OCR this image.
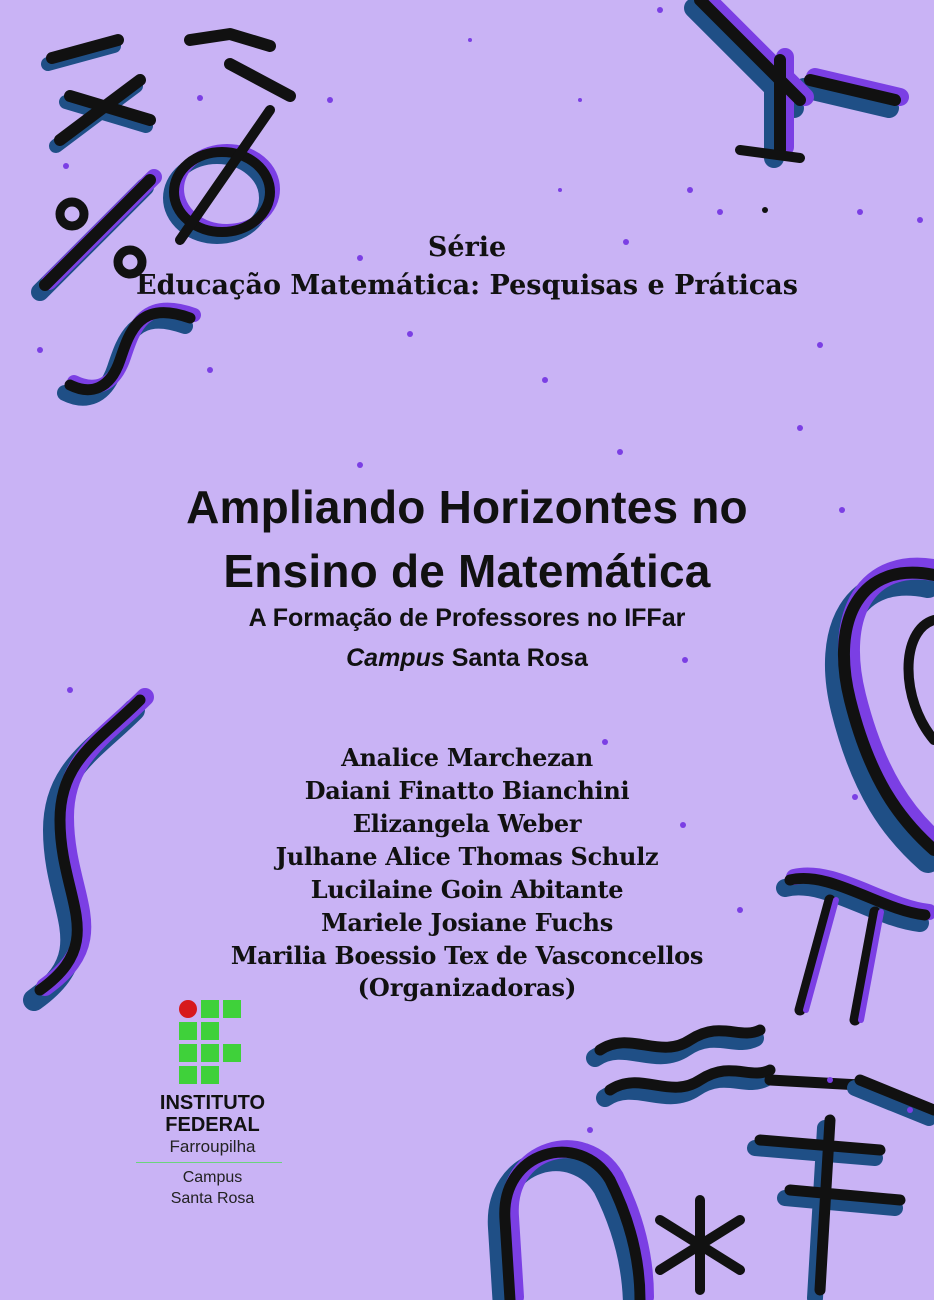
Série
Educação Matemática: Pesquisas e Práticas
Ampliando Horizontes no
Ensino de Matemática
A Formação de Professores no IFFar
Campus Santa Rosa
Analice Marchezan
Daiani Finatto Bianchini
Elizangela Weber
Julhane Alice Thomas Schulz
Lucilaine Goin Abitante
Mariele Josiane Fuchs
Marilia Boessio Tex de Vasconcellos
(Organizadoras)
INSTITUTO
FEDERAL
Farroupilha
Campus
Santa Rosa
